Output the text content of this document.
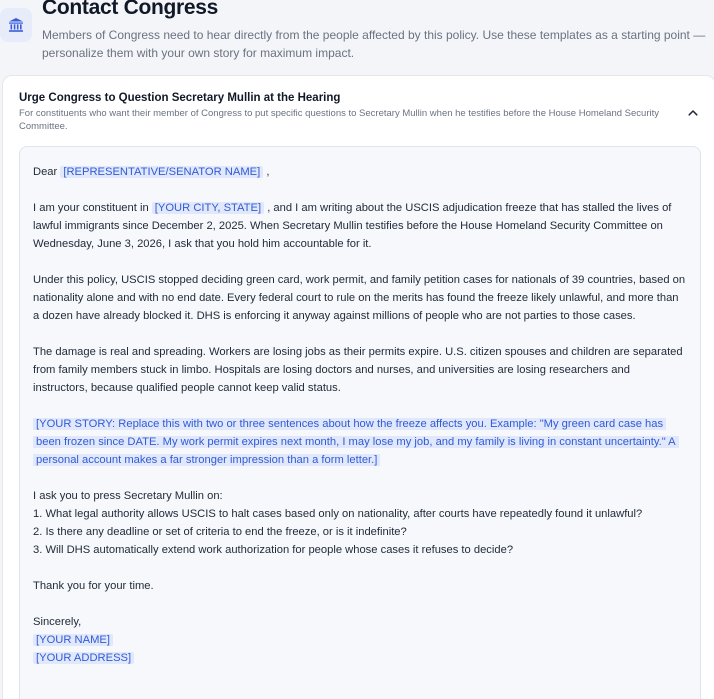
Contact Congress
Members of Congress need to hear directly from the people affected by this policy. Use these templates as a starting point — personalize them with your own story for maximum impact.
Urge Congress to Question Secretary Mullin at the Hearing
For constituents who want their member of Congress to put specific questions to Secretary Mullin when he testifies before the House Homeland Security Committee.

Dear [REPRESENTATIVE/SENATOR NAME] ,

I am your constituent in [YOUR CITY, STATE] , and I am writing about the USCIS adjudication freeze that has stalled the lives of lawful immigrants since December 2, 2025. When Secretary Mullin testifies before the House Homeland Security Committee on Wednesday, June 3, 2026, I ask that you hold him accountable for it.

Under this policy, USCIS stopped deciding green card, work permit, and family petition cases for nationals of 39 countries, based on nationality alone and with no end date. Every federal court to rule on the merits has found the freeze likely unlawful, and more than a dozen have already blocked it. DHS is enforcing it anyway against millions of people who are not parties to those cases.

The damage is real and spreading. Workers are losing jobs as their permits expire. U.S. citizen spouses and children are separated from family members stuck in limbo. Hospitals are losing doctors and nurses, and universities are losing researchers and instructors, because qualified people cannot keep valid status.

[YOUR STORY: Replace this with two or three sentences about how the freeze affects you. Example: "My green card case has been frozen since DATE. My work permit expires next month, I may lose my job, and my family is living in constant uncertainty." A personal account makes a far stronger impression than a form letter.]

I ask you to press Secretary Mullin on:

1. What legal authority allows USCIS to halt cases based only on nationality, after courts have repeatedly found it unlawful?

2. Is there any deadline or set of criteria to end the freeze, or is it indefinite?

3. Will DHS automatically extend work authorization for people whose cases it refuses to decide?

Thank you for your time.

Sincerely,

[YOUR NAME]

[YOUR ADDRESS]
